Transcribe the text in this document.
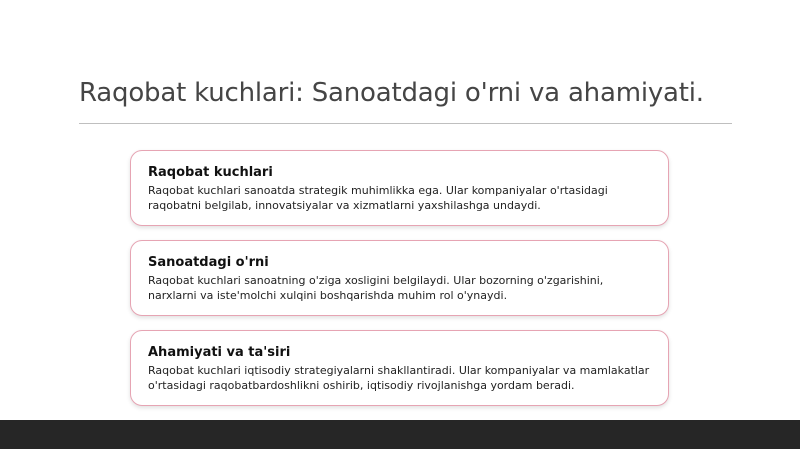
Raqobat kuchlari: Sanoatdagi o'rni va ahamiyati.
Raqobat kuchlari

Raqobat kuchlari sanoatda strategik muhimlikka ega. Ular kompaniyalar o'rtasidagi
raqobatni belgilab, innovatsiyalar va xizmatlarni yaxshilashga undaydi.

Sanoatdagi o'rni

Raqobat kuchlari sanoatning o'ziga xosligini belgilaydi. Ular bozorning o'zgarishini,
narxlarni va iste'molchi xulqini boshqarishda muhim rol o'ynaydi.

Ahamiyati va ta'siri

Raqobat kuchlari iqtisodiy strategiyalarni shakllantiradi. Ular kompaniyalar va mamlakatlar
o'rtasidagi raqobatbardoshlikni oshirib, iqtisodiy rivojlanishga yordam beradi.
